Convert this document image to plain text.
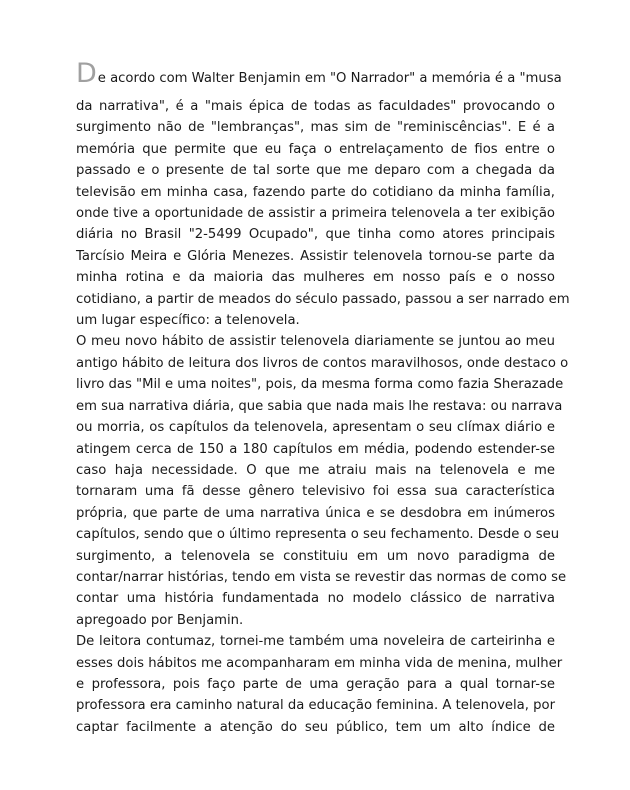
De acordo com Walter Benjamin em "O Narrador" a memória é a "musa
da narrativa", é a "mais épica de todas as faculdades" provocando o
surgimento não de "lembranças", mas sim de "reminiscências". E é a
memória que permite que eu faça o entrelaçamento de fios entre o
passado e o presente de tal sorte que me deparo com a chegada da
televisão em minha casa, fazendo parte do cotidiano da minha família,
onde tive a oportunidade de assistir a primeira telenovela a ter exibição
diária no Brasil "2-5499 Ocupado", que tinha como atores principais
Tarcísio Meira e Glória Menezes. Assistir telenovela tornou-se parte da
minha rotina e da maioria das mulheres em nosso país e o nosso
cotidiano, a partir de meados do século passado, passou a ser narrado em
um lugar específico: a telenovela.

O meu novo hábito de assistir telenovela diariamente se juntou ao meu
antigo hábito de leitura dos livros de contos maravilhosos, onde destaco o
livro das "Mil e uma noites", pois, da mesma forma como fazia Sherazade
em sua narrativa diária, que sabia que nada mais lhe restava: ou narrava
ou morria, os capítulos da telenovela, apresentam o seu clímax diário e
atingem cerca de 150 a 180 capítulos em média, podendo estender-se
caso haja necessidade. O que me atraiu mais na telenovela e me
tornaram uma fã desse gênero televisivo foi essa sua característica
própria, que parte de uma narrativa única e se desdobra em inúmeros
capítulos, sendo que o último representa o seu fechamento. Desde o seu
surgimento, a telenovela se constituiu em um novo paradigma de
contar/narrar histórias, tendo em vista se revestir das normas de como se
contar uma história fundamentada no modelo clássico de narrativa
apregoado por Benjamin.

De leitora contumaz, tornei-me também uma noveleira de carteirinha e
esses dois hábitos me acompanharam em minha vida de menina, mulher
e professora, pois faço parte de uma geração para a qual tornar-se
professora era caminho natural da educação feminina. A telenovela, por
captar facilmente a atenção do seu público, tem um alto índice de
